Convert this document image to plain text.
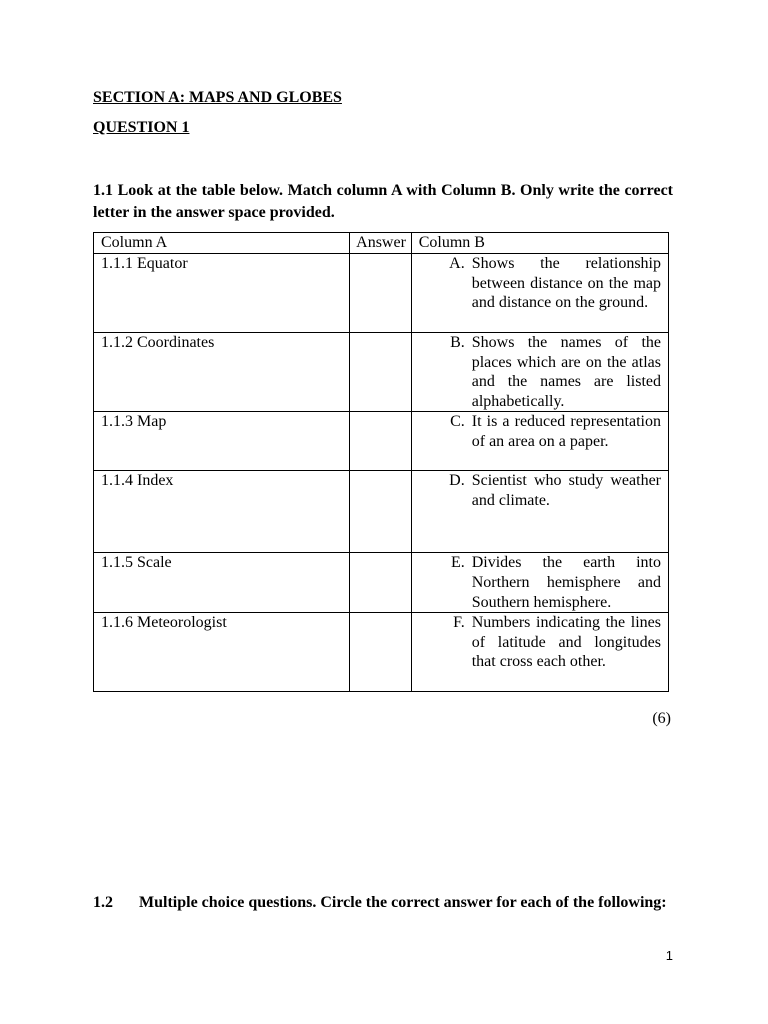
SECTION A: MAPS AND GLOBES
QUESTION 1
1.1 Look at the table below. Match column A with Column B. Only write the correct letter in the answer space provided.
Column A	Answer	Column B
1.1.1 Equator		A. Shows the relationship between distance on the map and distance on the ground.

1.1.2 Coordinates		B. Shows the names of the places which are on the atlas and the names are listed alphabetically.

1.1.3 Map		C. It is a reduced representation of an area on a paper.

1.1.4 Index		D. Scientist who study weather and climate.

1.1.5 Scale		E. Divides the earth into Northern hemisphere and Southern hemisphere.

1.1.6 Meteorologist		F. Numbers indicating the lines of latitude and longitudes that cross each other.
(6)
1.2 Multiple choice questions. Circle the correct answer for each of the following:
1
